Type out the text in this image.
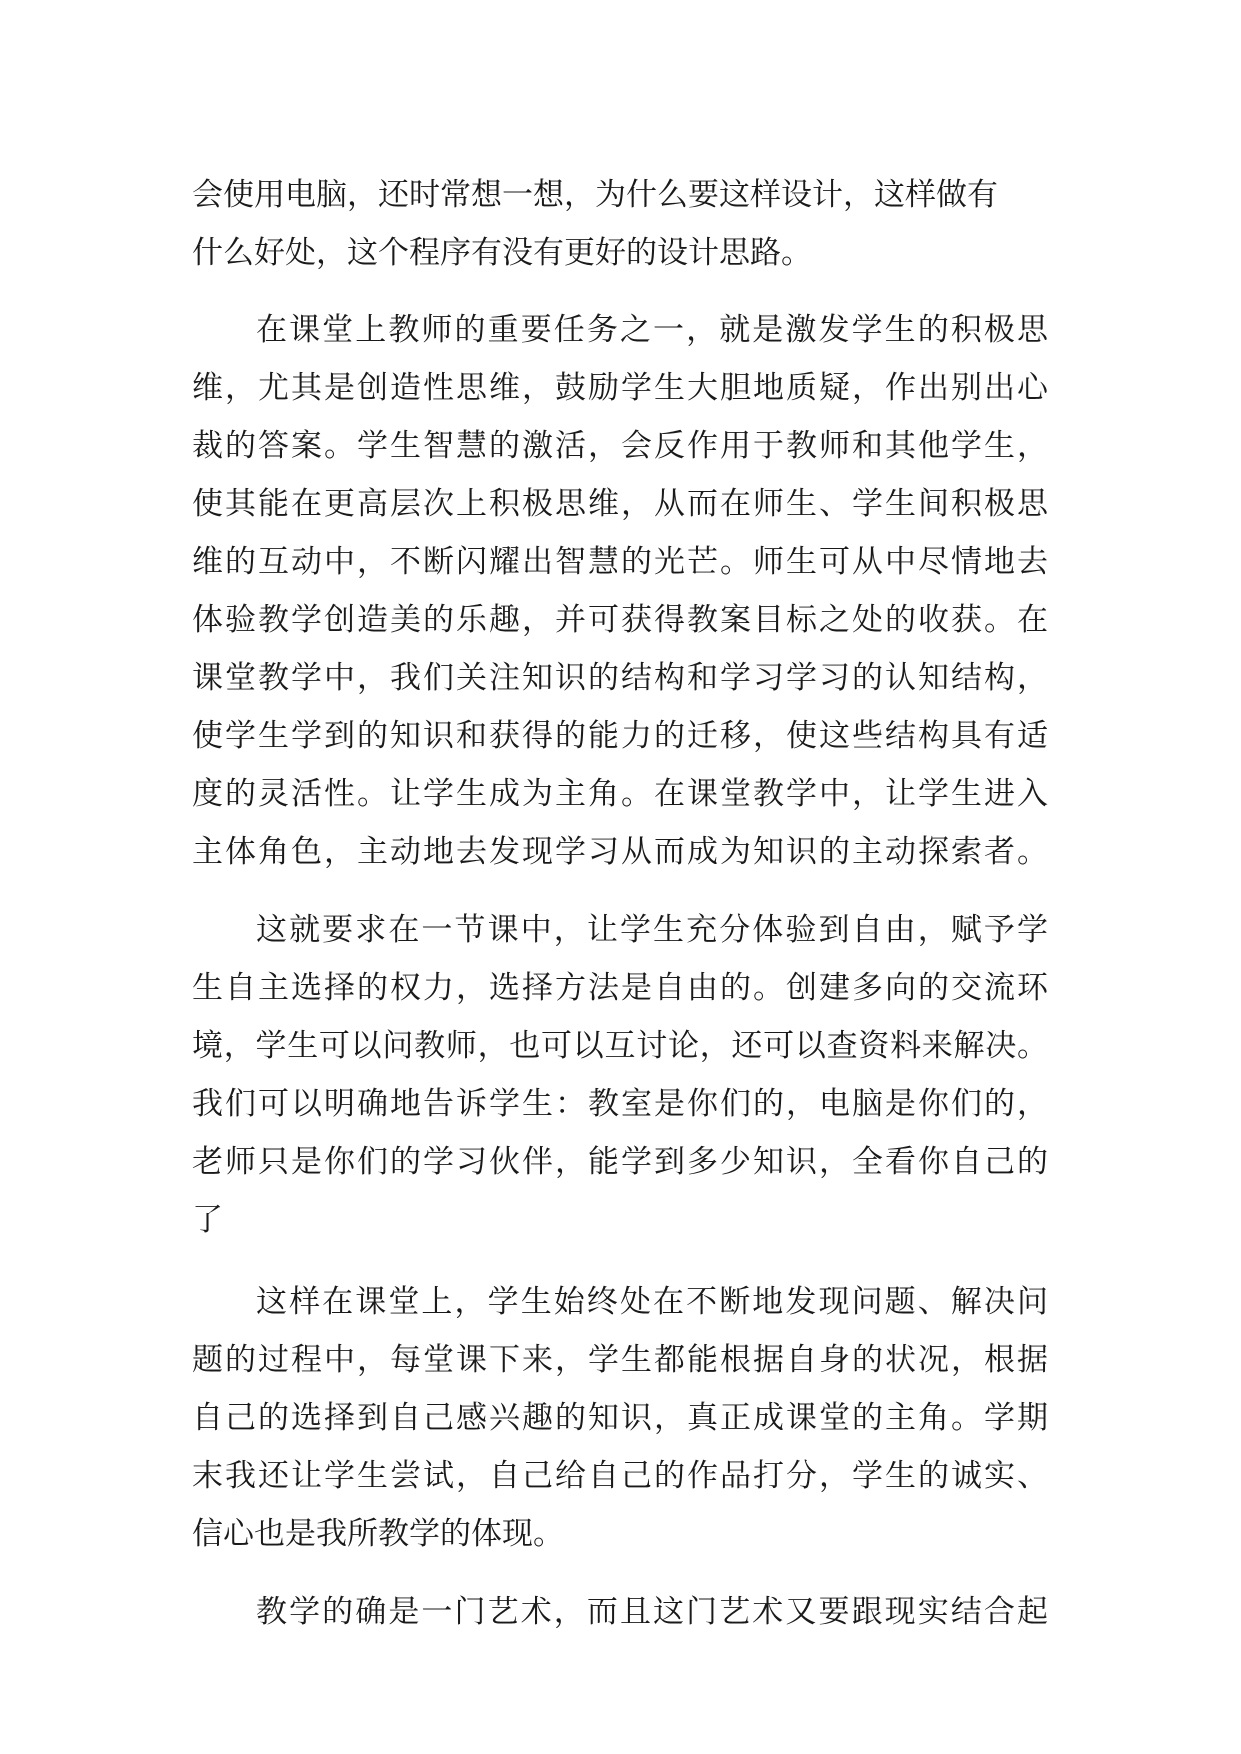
会使用电脑，还时常想一想，为什么要这样设计，这样做有
什么好处，这个程序有没有更好的设计思路。
在课堂上教师的重要任务之一，就是激发学生的积极思
维，尤其是创造性思维，鼓励学生大胆地质疑，作出别出心
裁的答案。学生智慧的激活，会反作用于教师和其他学生，
使其能在更高层次上积极思维，从而在师生、学生间积极思
维的互动中，不断闪耀出智慧的光芒。师生可从中尽情地去
体验教学创造美的乐趣，并可获得教案目标之处的收获。在
课堂教学中，我们关注知识的结构和学习学习的认知结构，
使学生学到的知识和获得的能力的迁移，使这些结构具有适
度的灵活性。让学生成为主角。在课堂教学中，让学生进入
主体角色，主动地去发现学习从而成为知识的主动探索者。
这就要求在一节课中，让学生充分体验到自由，赋予学
生自主选择的权力，选择方法是自由的。创建多向的交流环
境，学生可以问教师，也可以互讨论，还可以查资料来解决。
我们可以明确地告诉学生：教室是你们的，电脑是你们的，
老师只是你们的学习伙伴，能学到多少知识，全看你自己的
了
这样在课堂上，学生始终处在不断地发现问题、解决问
题的过程中，每堂课下来，学生都能根据自身的状况，根据
自己的选择到自己感兴趣的知识，真正成课堂的主角。学期
末我还让学生尝试，自己给自己的作品打分，学生的诚实、
信心也是我所教学的体现。
教学的确是一门艺术，而且这门艺术又要跟现实结合起
